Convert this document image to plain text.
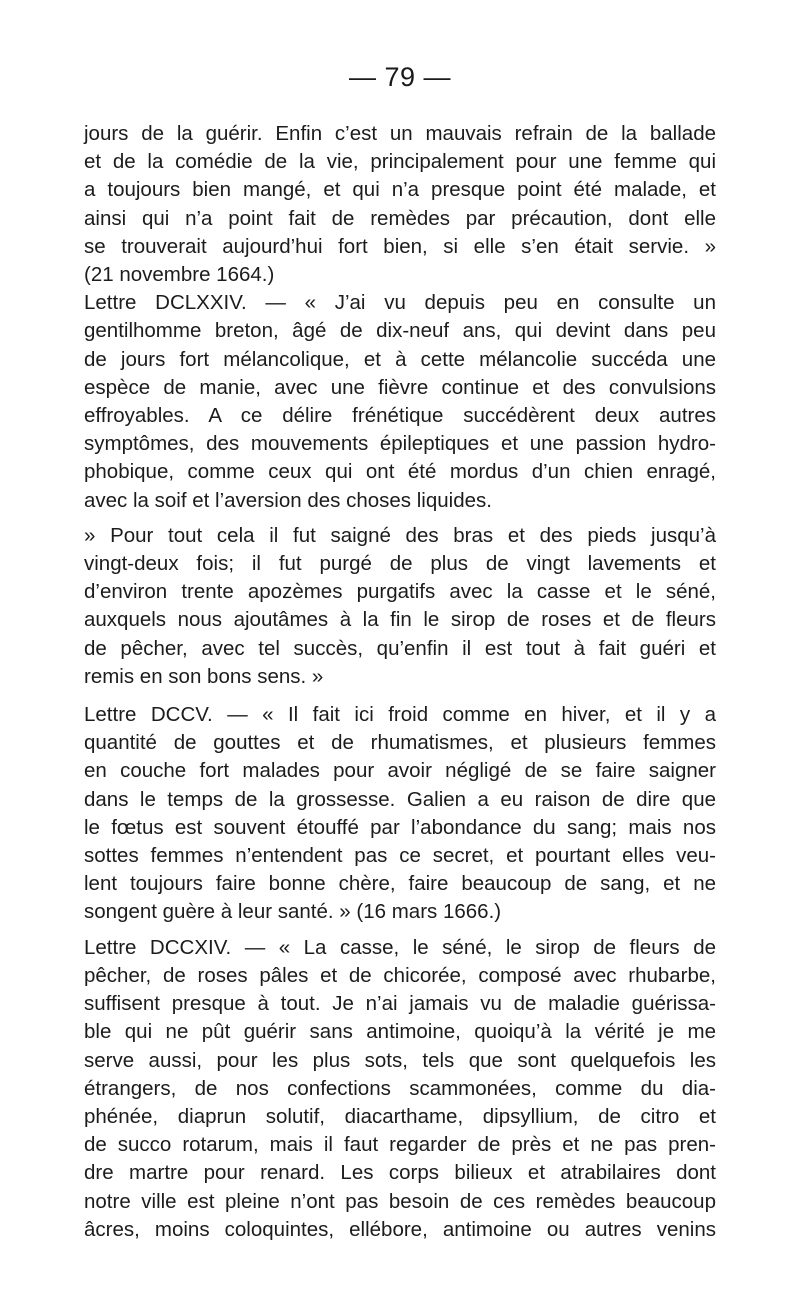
— 79 —

jours de la guérir. Enfin c’est un mauvais refrain de la ballade
et de la comédie de la vie, principalement pour une femme qui
a toujours bien mangé, et qui n’a presque point été malade, et
ainsi qui n’a point fait de remèdes par précaution, dont elle
se trouverait aujourd’hui fort bien, si elle s’en était servie. »
(21 novembre 1664.)

Lettre DCLXXIV. — « J’ai vu depuis peu en consulte un
gentilhomme breton, âgé de dix-neuf ans, qui devint dans peu
de jours fort mélancolique, et à cette mélancolie succéda une
espèce de manie, avec une fièvre continue et des convulsions
effroyables. A ce délire frénétique succédèrent deux autres
symptômes, des mouvements épileptiques et une passion hydro-
phobique, comme ceux qui ont été mordus d’un chien enragé,
avec la soif et l’aversion des choses liquides.

» Pour tout cela il fut saigné des bras et des pieds jusqu’à
vingt-deux fois; il fut purgé de plus de vingt lavements et
d’environ trente apozèmes purgatifs avec la casse et le séné,
auxquels nous ajoutâmes à la fin le sirop de roses et de fleurs
de pêcher, avec tel succès, qu’enfin il est tout à fait guéri et
remis en son bons sens. »

Lettre DCCV. — « Il fait ici froid comme en hiver, et il y a
quantité de gouttes et de rhumatismes, et plusieurs femmes
en couche fort malades pour avoir négligé de se faire saigner
dans le temps de la grossesse. Galien a eu raison de dire que
le fœtus est souvent étouffé par l’abondance du sang; mais nos
sottes femmes n’entendent pas ce secret, et pourtant elles veu-
lent toujours faire bonne chère, faire beaucoup de sang, et ne
songent guère à leur santé. » (16 mars 1666.)

Lettre DCCXIV. — « La casse, le séné, le sirop de fleurs de
pêcher, de roses pâles et de chicorée, composé avec rhubarbe,
suffisent presque à tout. Je n’ai jamais vu de maladie guérissa-
ble qui ne pût guérir sans antimoine, quoiqu’à la vérité je me
serve aussi, pour les plus sots, tels que sont quelquefois les
étrangers, de nos confections scammonées, comme du dia-
phénée, diaprun solutif, diacarthame, dipsyllium, de citro et
de succo rotarum, mais il faut regarder de près et ne pas pren-
dre martre pour renard. Les corps bilieux et atrabilaires dont
notre ville est pleine n’ont pas besoin de ces remèdes beaucoup
âcres, moins coloquintes, ellébore, antimoine ou autres venins
